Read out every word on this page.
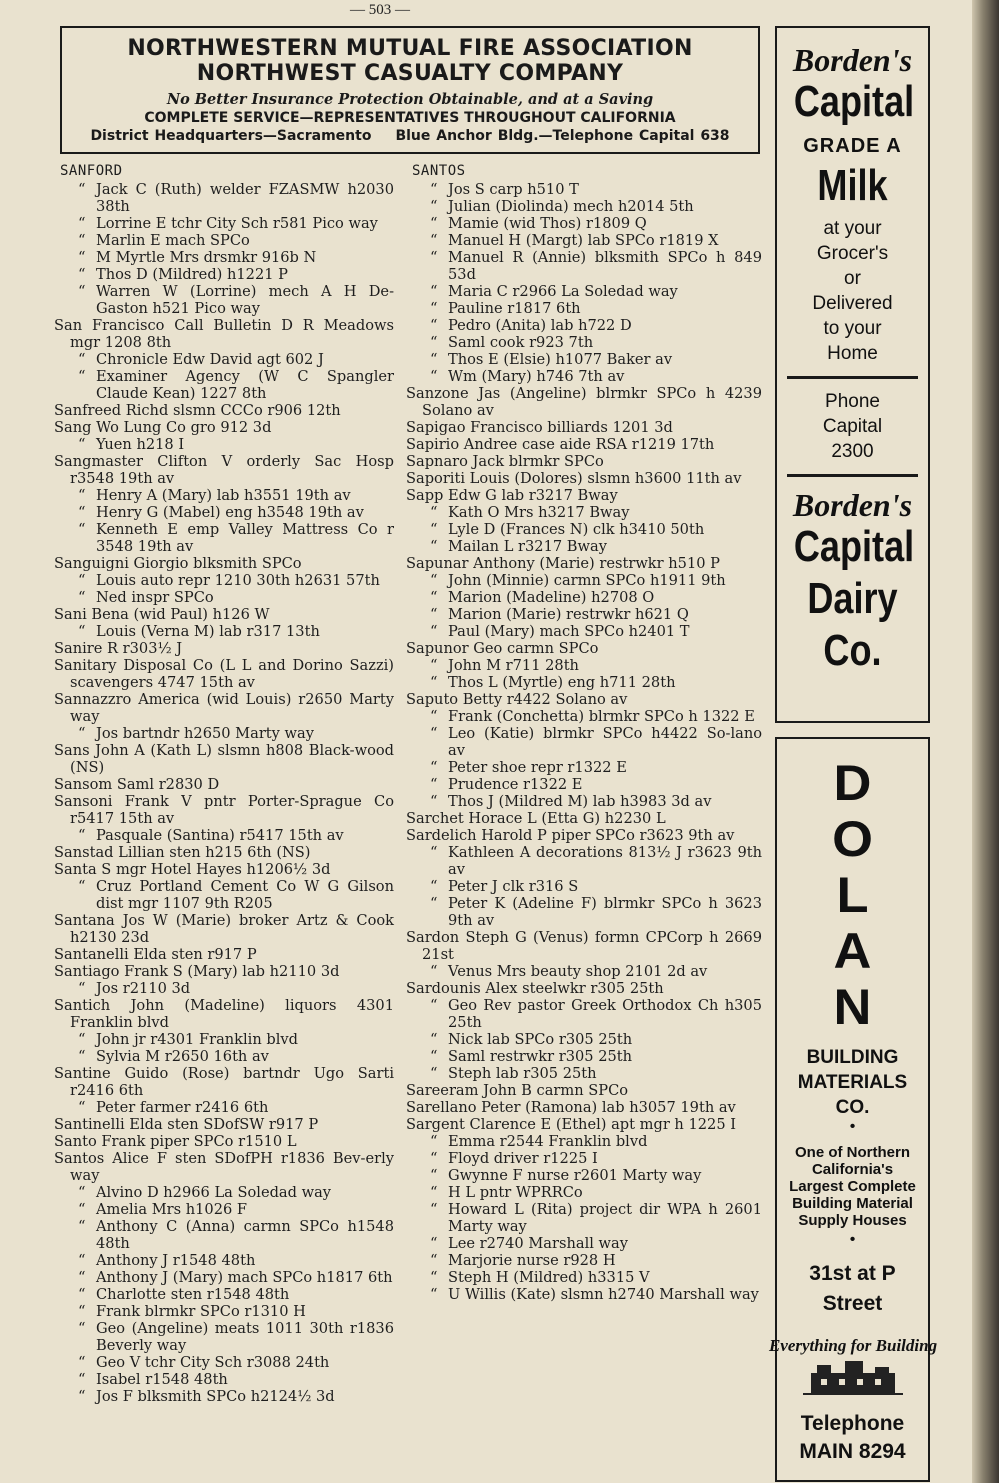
— 503 —
NORTHWESTERN MUTUAL FIRE ASSOCIATION
NORTHWEST CASUALTY COMPANY
No Better Insurance Protection Obtainable, and at a Saving
COMPLETE SERVICE—REPRESENTATIVES THROUGHOUT CALIFORNIA
District Headquarters—Sacramento Blue Anchor Bldg.—Telephone Capital 638
SANFORD
“ Jack C (Ruth) welder FZASMW h2030 38th
“ Lorrine E tchr City Sch r581 Pico way
“ Marlin E mach SPCo
“ M Myrtle Mrs drsmkr 916b N
“ Thos D (Mildred) h1221 P
“ Warren W (Lorrine) mech A H De-Gaston h521 Pico way
San Francisco Call Bulletin D R Meadows mgr 1208 8th
“ Chronicle Edw David agt 602 J
“ Examiner Agency (W C Spangler Claude Kean) 1227 8th
Sanfreed Richd slsmn CCCo r906 12th
Sang Wo Lung Co gro 912 3d
“ Yuen h218 I
Sangmaster Clifton V orderly Sac Hosp r3548 19th av
“ Henry A (Mary) lab h3551 19th av
“ Henry G (Mabel) eng h3548 19th av
“ Kenneth E emp Valley Mattress Co r 3548 19th av
Sanguigni Giorgio blksmith SPCo
“ Louis auto repr 1210 30th h2631 57th
“ Ned inspr SPCo
Sani Bena (wid Paul) h126 W
“ Louis (Verna M) lab r317 13th
Sanire R r303½ J
Sanitary Disposal Co (L L and Dorino Sazzi) scavengers 4747 15th av
Sannazzro America (wid Louis) r2650 Marty way
“ Jos bartndr h2650 Marty way
Sans John A (Kath L) slsmn h808 Black-wood (NS)
Sansom Saml r2830 D
Sansoni Frank V pntr Porter-Sprague Co r5417 15th av
“ Pasquale (Santina) r5417 15th av
Sanstad Lillian sten h215 6th (NS)
Santa S mgr Hotel Hayes h1206½ 3d
“ Cruz Portland Cement Co W G Gilson dist mgr 1107 9th R205
Santana Jos W (Marie) broker Artz & Cook h2130 23d
Santanelli Elda sten r917 P
Santiago Frank S (Mary) lab h2110 3d
“ Jos r2110 3d
Santich John (Madeline) liquors 4301 Franklin blvd
“ John jr r4301 Franklin blvd
“ Sylvia M r2650 16th av
Santine Guido (Rose) bartndr Ugo Sarti r2416 6th
“ Peter farmer r2416 6th
Santinelli Elda sten SDofSW r917 P
Santo Frank piper SPCo r1510 L
Santos Alice F sten SDofPH r1836 Bev-erly way
“ Alvino D h2966 La Soledad way
“ Amelia Mrs h1026 F
“ Anthony C (Anna) carmn SPCo h1548 48th
“ Anthony J r1548 48th
“ Anthony J (Mary) mach SPCo h1817 6th
“ Charlotte sten r1548 48th
“ Frank blrmkr SPCo r1310 H
“ Geo (Angeline) meats 1011 30th r1836 Beverly way
“ Geo V tchr City Sch r3088 24th
“ Isabel r1548 48th
“ Jos F blksmith SPCo h2124½ 3d
SANTOS
“ Jos S carp h510 T
“ Julian (Diolinda) mech h2014 5th
“ Mamie (wid Thos) r1809 Q
“ Manuel H (Margt) lab SPCo r1819 X
“ Manuel R (Annie) blksmith SPCo h 849 53d
“ Maria C r2966 La Soledad way
“ Pauline r1817 6th
“ Pedro (Anita) lab h722 D
“ Saml cook r923 7th
“ Thos E (Elsie) h1077 Baker av
“ Wm (Mary) h746 7th av
Sanzone Jas (Angeline) blrmkr SPCo h 4239 Solano av
Sapigao Francisco billiards 1201 3d
Sapirio Andree case aide RSA r1219 17th
Sapnaro Jack blrmkr SPCo
Saporiti Louis (Dolores) slsmn h3600 11th av
Sapp Edw G lab r3217 Bway
“ Kath O Mrs h3217 Bway
“ Lyle D (Frances N) clk h3410 50th
“ Mailan L r3217 Bway
Sapunar Anthony (Marie) restrwkr h510 P
“ John (Minnie) carmn SPCo h1911 9th
“ Marion (Madeline) h2708 O
“ Marion (Marie) restrwkr h621 Q
“ Paul (Mary) mach SPCo h2401 T
Sapunor Geo carmn SPCo
“ John M r711 28th
“ Thos L (Myrtle) eng h711 28th
Saputo Betty r4422 Solano av
“ Frank (Conchetta) blrmkr SPCo h 1322 E
“ Leo (Katie) blrmkr SPCo h4422 So-lano av
“ Peter shoe repr r1322 E
“ Prudence r1322 E
“ Thos J (Mildred M) lab h3983 3d av
Sarchet Horace L (Etta G) h2230 L
Sardelich Harold P piper SPCo r3623 9th av
“ Kathleen A decorations 813½ J r3623 9th av
“ Peter J clk r316 S
“ Peter K (Adeline F) blrmkr SPCo h 3623 9th av
Sardon Steph G (Venus) formn CPCorp h 2669 21st
“ Venus Mrs beauty shop 2101 2d av
Sardounis Alex steelwkr r305 25th
“ Geo Rev pastor Greek Orthodox Ch h305 25th
“ Nick lab SPCo r305 25th
“ Saml restrwkr r305 25th
“ Steph lab r305 25th
Sareeram John B carmn SPCo
Sarellano Peter (Ramona) lab h3057 19th av
Sargent Clarence E (Ethel) apt mgr h 1225 I
“ Emma r2544 Franklin blvd
“ Floyd driver r1225 I
“ Gwynne F nurse r2601 Marty way
“ H L pntr WPRRCo
“ Howard L (Rita) project dir WPA h 2601 Marty way
“ Lee r2740 Marshall way
“ Marjorie nurse r928 H
“ Steph H (Mildred) h3315 V
“ U Willis (Kate) slsmn h2740 Marshall way
Borden's
Capital
GRADE A
Milk
at your
Grocer's
or
Delivered
to your
Home
Phone
Capital
2300
Borden's
Capital
Dairy
Co.
D
O
L
A
N
BUILDING
MATERIALS
CO.
•
One of Northern
California's
Largest Complete
Building Material
Supply Houses
•
31st at P
Street
Everything for Building
Telephone
MAIN 8294
